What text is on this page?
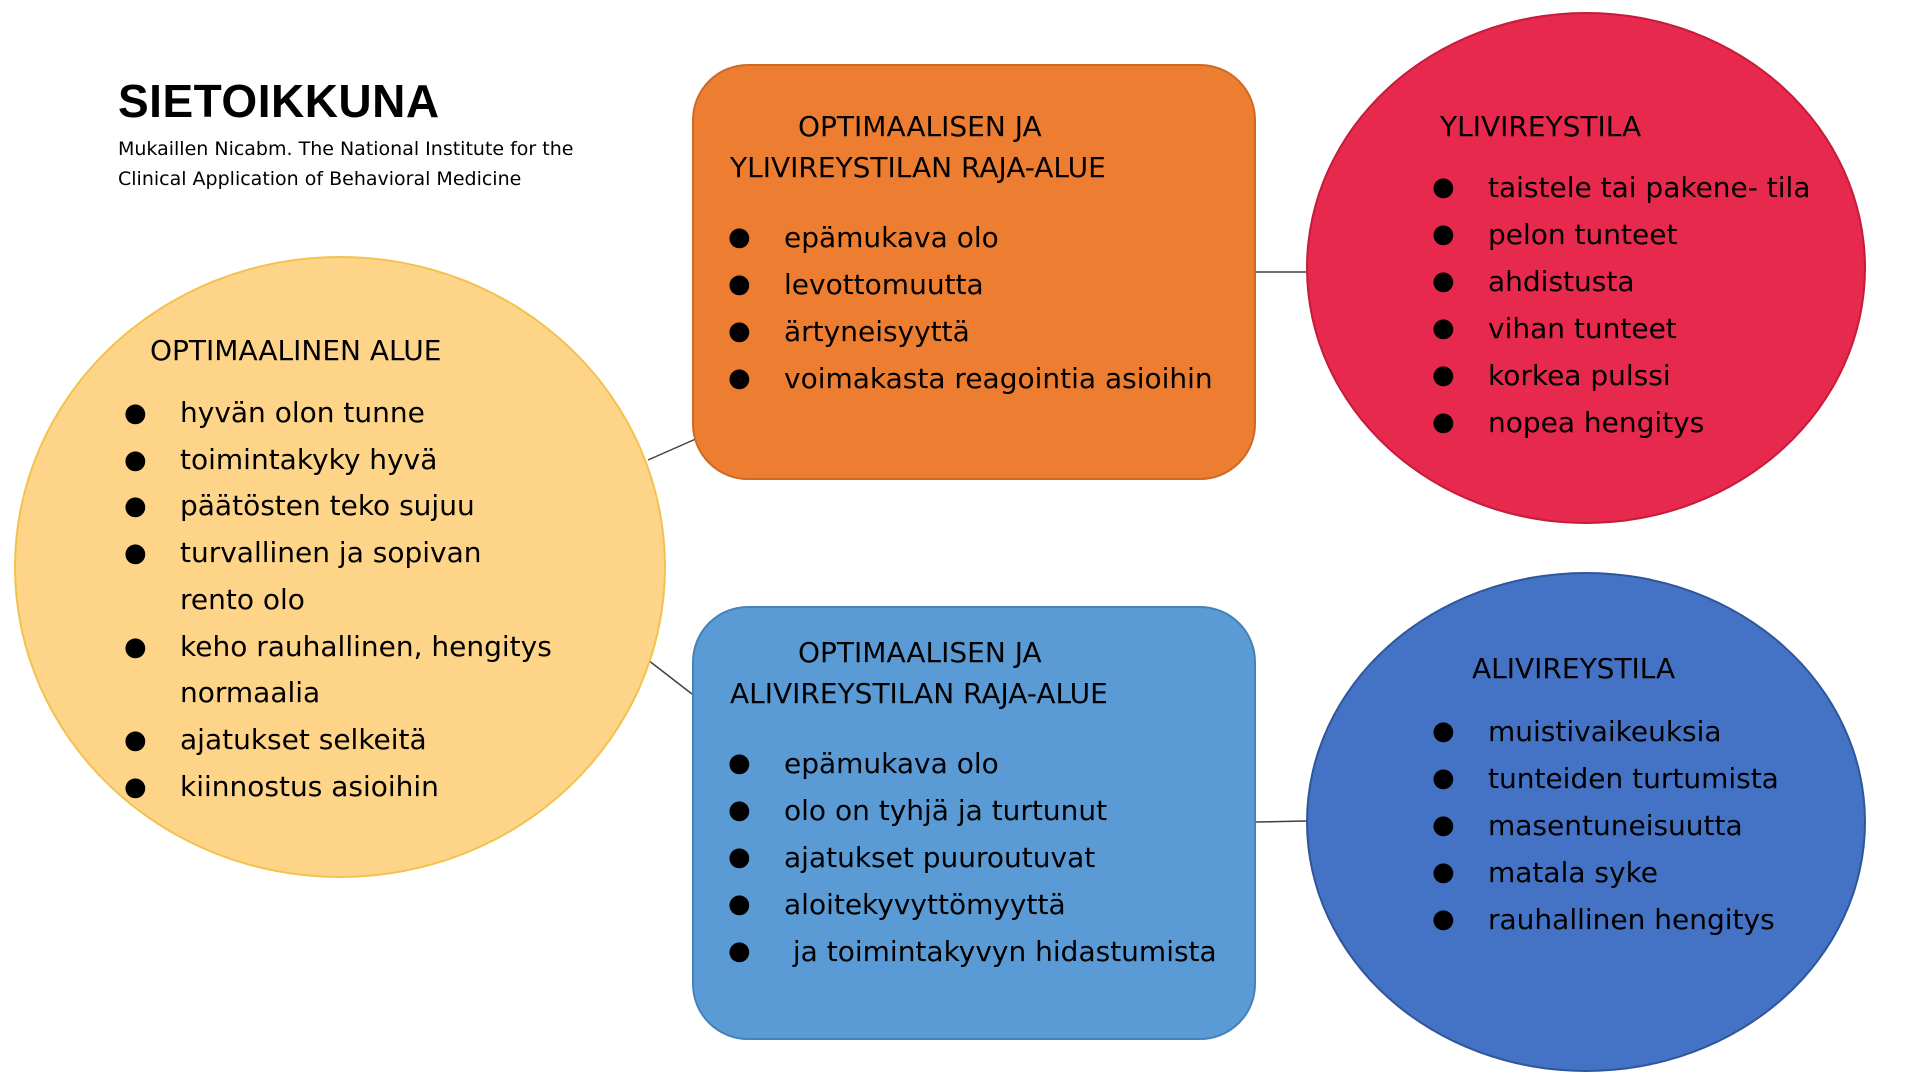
SIETOIKKUNA
Mukaillen Nicabm. The National Institute for the Clinical Application of Behavioral Medicine
OPTIMAALINEN ALUE
● hyvän olon tunne
● toimintakyky hyvä
● päätösten teko sujuu
● turvallinen ja sopivan rento olo
● keho rauhallinen, hengitys normaalia
● ajatukset selkeitä
● kiinnostus asioihin
OPTIMAALISEN JA
YLIVIREYSTILAN RAJA-ALUE
● epämukava olo
● levottomuutta
● ärtyneisyyttä
● voimakasta reagointia asioihin
YLIVIREYSTILA
● taistele tai pakene- tila
● pelon tunteet
● ahdistusta
● vihan tunteet
● korkea pulssi
● nopea hengitys
OPTIMAALISEN JA
ALIVIREYSTILAN RAJA-ALUE
● epämukava olo
● olo on tyhjä ja turtunut
● ajatukset puuroutuvat
● aloitekyvyttömyyttä
● ja toimintakyvyn hidastumista
ALIVIREYSTILA
● muistivaikeuksia
● tunteiden turtumista
● masentuneisuutta
● matala syke
● rauhallinen hengitys
